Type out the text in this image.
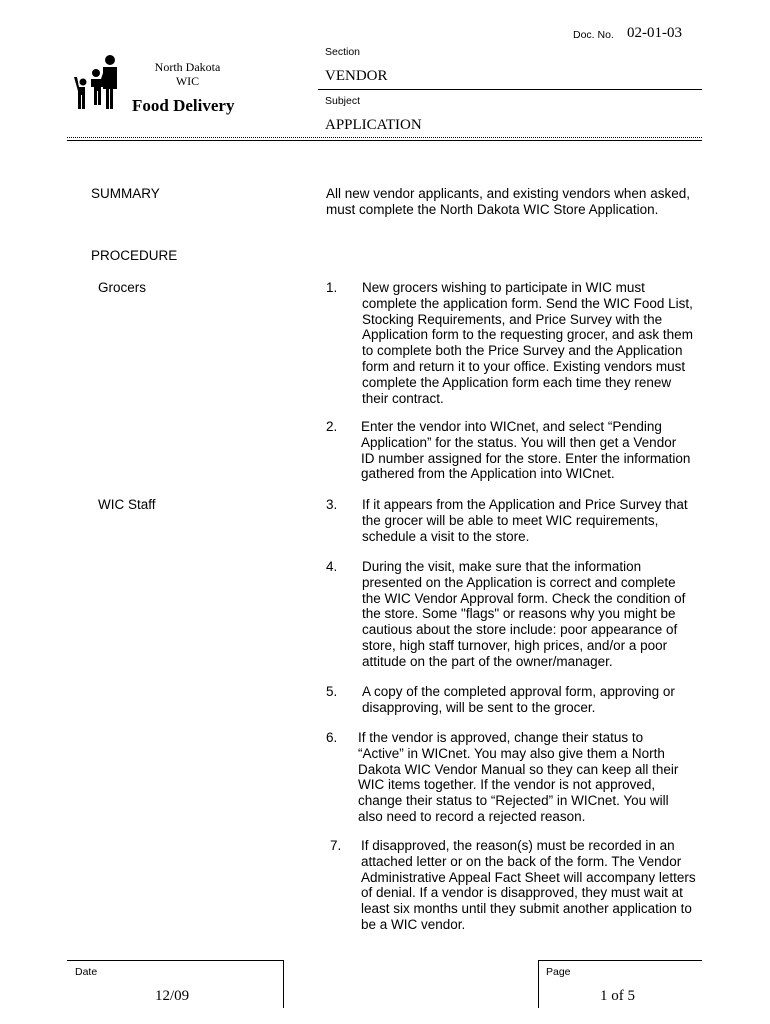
Doc. No. 02-01-03
North Dakota
WIC
Food Delivery
Section
VENDOR
Subject
APPLICATION
SUMMARY	All new vendor applicants, and existing vendors when asked,
must complete the North Dakota WIC Store Application.
PROCEDURE
Grocers
WIC Staff
1. New grocers wishing to participate in WIC must
complete the application form. Send the WIC Food List,
Stocking Requirements, and Price Survey with the
Application form to the requesting grocer, and ask them
to complete both the Price Survey and the Application
form and return it to your office. Existing vendors must
complete the Application form each time they renew
their contract.
2. Enter the vendor into WICnet, and select “Pending
Application” for the status. You will then get a Vendor
ID number assigned for the store. Enter the information
gathered from the Application into WICnet.
3. If it appears from the Application and Price Survey that
the grocer will be able to meet WIC requirements,
schedule a visit to the store.
4. During the visit, make sure that the information
presented on the Application is correct and complete
the WIC Vendor Approval form. Check the condition of
the store. Some "flags" or reasons why you might be
cautious about the store include: poor appearance of
store, high staff turnover, high prices, and/or a poor
attitude on the part of the owner/manager.
5. A copy of the completed approval form, approving or
disapproving, will be sent to the grocer.
6. If the vendor is approved, change their status to
“Active” in WICnet. You may also give them a North
Dakota WIC Vendor Manual so they can keep all their
WIC items together. If the vendor is not approved,
change their status to “Rejected” in WICnet. You will
also need to record a rejected reason.
7. If disapproved, the reason(s) must be recorded in an
attached letter or on the back of the form. The Vendor
Administrative Appeal Fact Sheet will accompany letters
of denial. If a vendor is disapproved, they must wait at
least six months until they submit another application to
be a WIC vendor.
Date
12/09
Page
1 of 5
